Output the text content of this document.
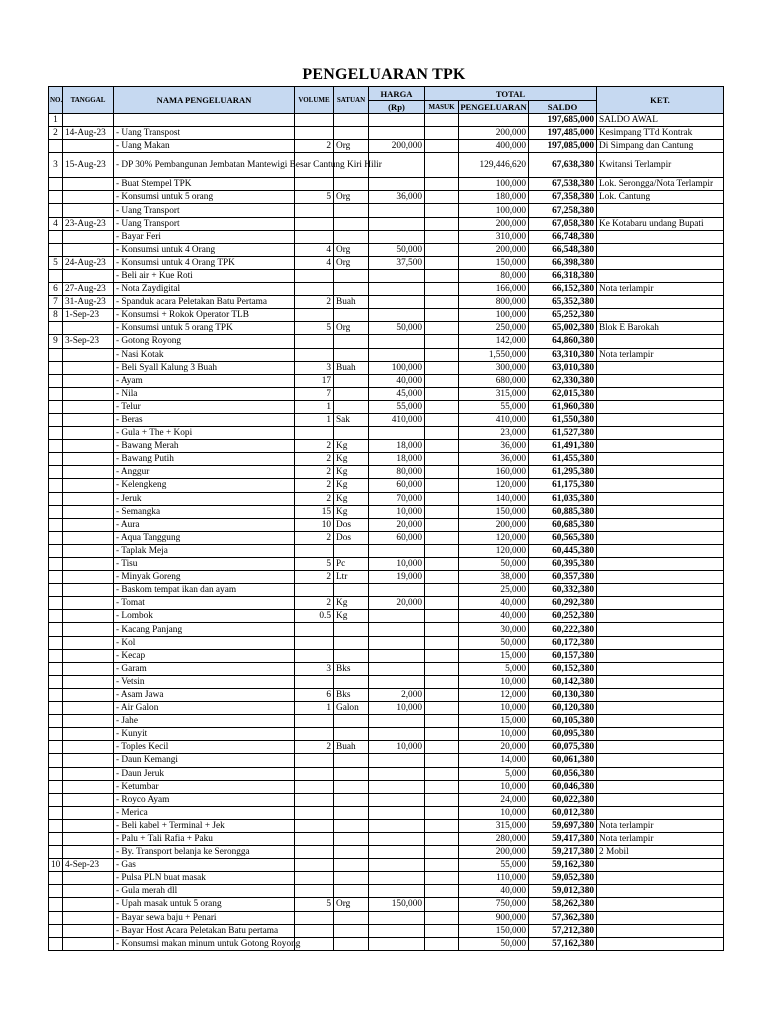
PENGELUARAN TPK
NO.	TANGGAL	NAMA PENGELUARAN	VOLUME	SATUAN	HARGA	TOTAL			KET.
					(Rp)	MASUK	PENGELUARAN	SALDO	
1								197,685,000	SALDO AWAL
2	14-Aug-23	- Uang Transpost					200,000	197,485,000	Kesimpang TTd Kontrak
		- Uang Makan	2	Org	200,000		400,000	197,085,000	Di Simpang dan Cantung
3	15-Aug-23	- DP 30% Pembangunan Jembatan Mantewigi Besar Cantung Kiri Hilir					129,446,620	67,638,380	Kwitansi Terlampir
		- Buat Stempel TPK					100,000	67,538,380	Lok. Serongga/Nota Terlampir
		- Konsumsi untuk 5 orang	5	Org	36,000		180,000	67,358,380	Lok. Cantung
		- Uang Transport					100,000	67,258,380	
4	23-Aug-23	- Uang Transport					200,000	67,058,380	Ke Kotabaru undang Bupati
		- Bayar Feri					310,000	66,748,380	
		- Konsumsi untuk 4 Orang	4	Org	50,000		200,000	66,548,380	
5	24-Aug-23	- Konsumsi untuk 4 Orang TPK	4	Org	37,500		150,000	66,398,380	
		- Beli air + Kue Roti					80,000	66,318,380	
6	27-Aug-23	- Nota Zaydigital					166,000	66,152,380	Nota terlampir
7	31-Aug-23	- Spanduk acara Peletakan Batu Pertama	2	Buah			800,000	65,352,380	
8	1-Sep-23	- Konsumsi + Rokok Operator TLB					100,000	65,252,380	
		- Konsumsi untuk 5 orang TPK	5	Org	50,000		250,000	65,002,380	Blok E Barokah
9	3-Sep-23	- Gotong Royong					142,000	64,860,380	
		- Nasi Kotak					1,550,000	63,310,380	Nota terlampir
		- Beli Syall Kalung 3 Buah	3	Buah	100,000		300,000	63,010,380	
		- Ayam	17		40,000		680,000	62,330,380	
		- Nila	7		45,000		315,000	62,015,380	
		- Telur	1		55,000		55,000	61,960,380	
		- Beras	1	Sak	410,000		410,000	61,550,380	
		- Gula + The + Kopi					23,000	61,527,380	
		- Bawang Merah	2	Kg	18,000		36,000	61,491,380	
		- Bawang Putih	2	Kg	18,000		36,000	61,455,380	
		- Anggur	2	Kg	80,000		160,000	61,295,380	
		- Kelengkeng	2	Kg	60,000		120,000	61,175,380	
		- Jeruk	2	Kg	70,000		140,000	61,035,380	
		- Semangka	15	Kg	10,000		150,000	60,885,380	
		- Aura	10	Dos	20,000		200,000	60,685,380	
		- Aqua Tanggung	2	Dos	60,000		120,000	60,565,380	
		- Taplak Meja					120,000	60,445,380	
		- Tisu	5	Pc	10,000		50,000	60,395,380	
		- Minyak Goreng	2	Ltr	19,000		38,000	60,357,380	
		- Baskom tempat ikan dan ayam					25,000	60,332,380	
		- Tomat	2	Kg	20,000		40,000	60,292,380	
		- Lombok	0.5	Kg			40,000	60,252,380	
		- Kacang Panjang					30,000	60,222,380	
		- Kol					50,000	60,172,380	
		- Kecap					15,000	60,157,380	
		- Garam	3	Bks			5,000	60,152,380	
		- Vetsin					10,000	60,142,380	
		- Asam Jawa	6	Bks	2,000		12,000	60,130,380	
		- Air Galon	1	Galon	10,000		10,000	60,120,380	
		- Jahe					15,000	60,105,380	
		- Kunyit					10,000	60,095,380	
		- Toples Kecil	2	Buah	10,000		20,000	60,075,380	
		- Daun Kemangi					14,000	60,061,380	
		- Daun Jeruk					5,000	60,056,380	
		- Ketumbar					10,000	60,046,380	
		- Royco Ayam					24,000	60,022,380	
		- Merica					10,000	60,012,380	
		- Beli kabel + Terminal + Jek					315,000	59,697,380	Nota terlampir
		- Palu + Tali Rafia + Paku					280,000	59,417,380	Nota terlampir
		- By. Transport belanja ke Serongga					200,000	59,217,380	2 Mobil
10	4-Sep-23	- Gas					55,000	59,162,380	
		- Pulsa PLN buat masak					110,000	59,052,380	
		- Gula merah dll					40,000	59,012,380	
		- Upah masak untuk 5 orang	5	Org	150,000		750,000	58,262,380	
		- Bayar sewa baju + Penari					900,000	57,362,380	
		- Bayar Host Acara Peletakan Batu pertama					150,000	57,212,380	
		- Konsumsi makan minum untuk Gotong Royong					50,000	57,162,380	
